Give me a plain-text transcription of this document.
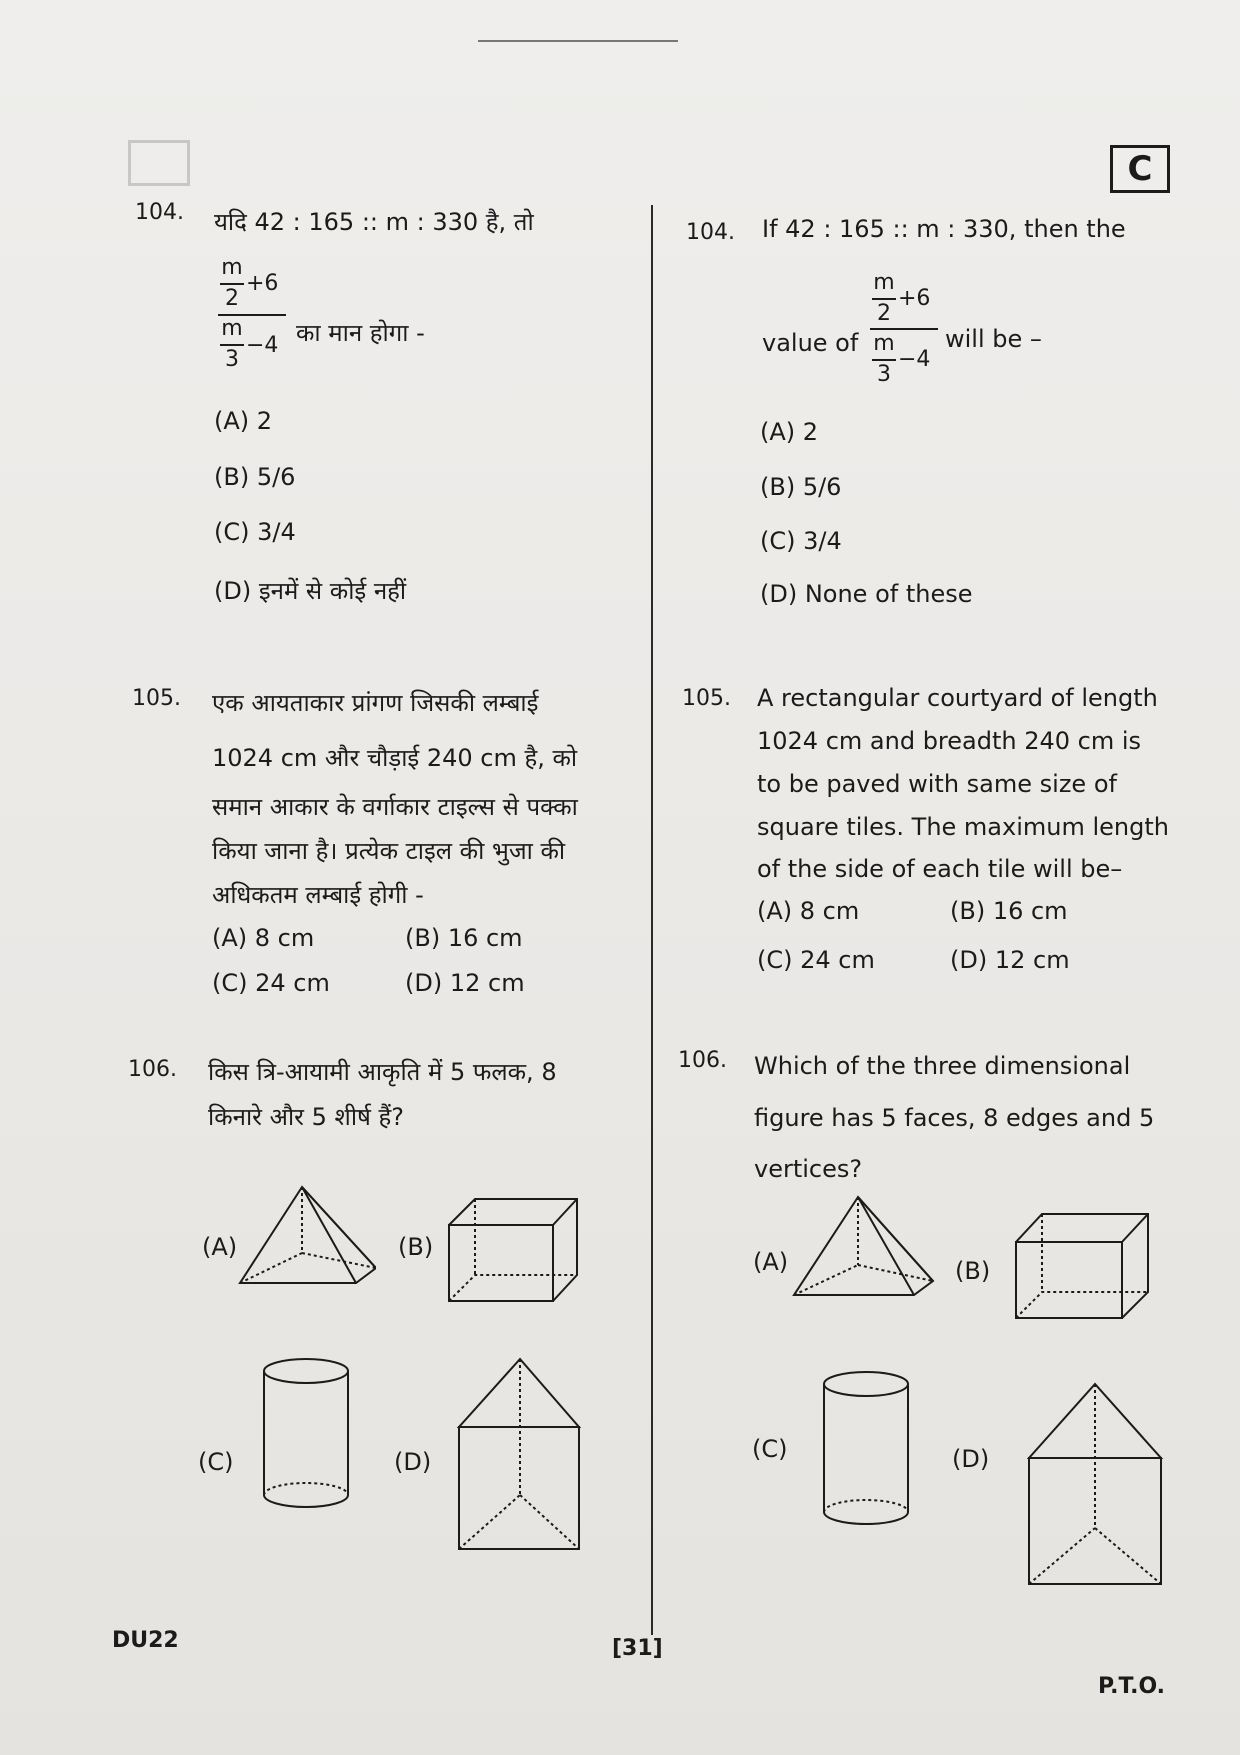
C
104. यदि 42 : 165 :: m : 330 है, तो
m
2
+6
m
3
−4 का मान होगा -
(A) 2
(B) 5/6
(C) 3/4
(D) इनमें से कोई नहीं
105. एक आयताकार प्रांगण जिसकी लम्बाई
1024 cm और चौड़ाई 240 cm है, को
समान आकार के वर्गाकार टाइल्स से पक्का
किया जाना है। प्रत्येक टाइल की भुजा की
अधिकतम लम्बाई होगी -
(A) 8 cm	(B) 16 cm
(C) 24 cm	(D) 12 cm
106. किस त्रि-आयामी आकृति में 5 फलक, 8
किनारे और 5 शीर्ष हैं?
(A)	(B)
(C)	(D)
104. If 42 : 165 :: m : 330, then the
value of
m
2
+6
m
3
−4
will be –
(A) 2
(B) 5/6
(C) 3/4
(D) None of these
105. A rectangular courtyard of length
1024 cm and breadth 240 cm is
to be paved with same size of
square tiles. The maximum length
of the side of each tile will be–
(A) 8 cm	(B) 16 cm
(C) 24 cm	(D) 12 cm
106. Which of the three dimensional
figure has 5 faces, 8 edges and 5
vertices?
(A)	(B)
(C)	(D)
DU22	[31]
P.T.O.
